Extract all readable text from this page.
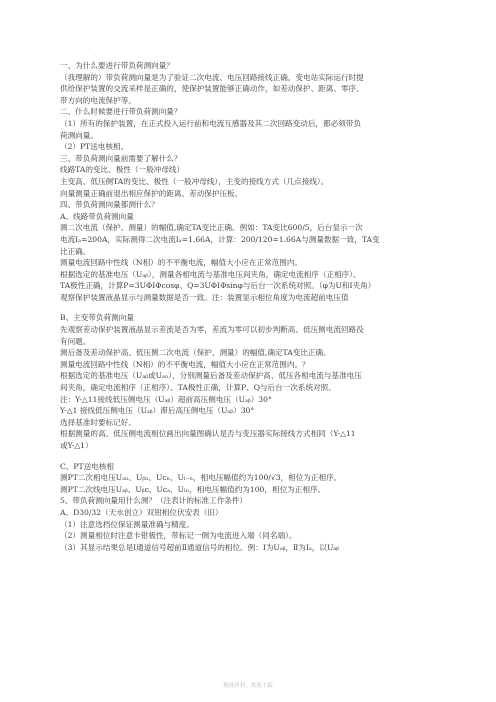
·
一、为什么要进行带负荷测向量？
（我理解的）带负荷测向量是为了验证二次电流、电压回路接线正确，变电站实际运行时提
供给保护装置的交流采样是正确的，使保护装置能够正确动作，如差动保护、距离、零序、
带方向的电流保护等。
二、什么时候要进行带负荷测向量？
（1）所有的保护装置，在正式投入运行前和电流互感器及其二次回路变动后，都必须带负
荷测向量。
（2）PT送电核相。
三、带负荷测向量前需要了解什么？
线路TA的变比、极性（一般冲母线）
主变高、低压侧TA的变比、极性（一般冲母线），主变的接线方式（几点接线）。
向量测量正确前退出相应保护的距离、差动保护压板。
四、带负荷测向量都测什么？
A、线路带负荷测向量
测二次电流（保护、测量）的幅值,确定TA变比正确。例如：TA变比600/5，后台显示一次
电流Iₐ=200A，实际测得二次电流Iₐ=1.66A，计算：200/120=1.66A与测量数据一致，TA变
比正确。
测量电流回路中性线（N相）的不平衡电流，幅值大小应在正常范围内。
根据选定的基准电压（Uₐᵦ），测量各相电流与基准电压间夹角，确定电流相序（正相序）、
TA极性正确，计算P=3UΦIΦcosφ、Q=3UΦIΦsinφ与后台一次系统对照。（φ为U和I夹角）
观察保护装置液晶显示与测量数据是否一致。注：装置显示相位角度为电流超前电压值
B、主变带负荷测向量
先观察差动保护装置液晶显示差流是否为零，差流为零可以初步判断高、低压侧电流回路没
有问题。
测后备及差动保护高、低压侧二次电流（保护、测量）的幅值,确定TA变比正确。
测量电流回路中性线（N相）的不平衡电流，幅值大小应在正常范围内。？
根据选定的基准电压（Uₐᵦ或Uₐₙ），分别测量后备及差动保护高、低压各相电流与基准电压
间夹角，确定电流相序（正相序）、TA极性正确，计算P、Q与后台一次系统对照。
注：Y-△11接线低压侧电压（Uₐᵦ）超前高压侧电压（Uₐᵦ）30°
Y-△1 接线低压侧电压（Uₐᵦ）滞后高压侧电压（Uₐᵦ）30°
选择基准时要标记好。
根据测量的高、低压侧电流相位画出向量图确认是否与变压器实际接线方式相同（Y-△11
或Y-△1）
C、PT送电核相
测PT二次相电压Uₐₙ、Uᵦₙ、Uᴄₙ、Uₗ₋ₙ，相电压幅值约为100/√3，相位为正相序。
测PT二次线电压Uₐᵦ、Uᵦᴄ、Uᴄₐ、Uₗₙ，相电压幅值约为100，相位为正相序。
5、带负荷测向量用什么测？（注表计的标准工作条件）
A、D30/32（天水创立）双钳相位伏安表（旧）
（1）注意选档位保证测量准确与精度。
（2）测量相位时注意卡钳极性，带标记一侧为电流进入端（同名端）。
（3）其显示结果总是Ⅰ通道信号超前Ⅱ通道信号的相位。例：Ⅰ为Uₐᵦ，Ⅱ为Iₐ，以Uₐᵦ
精选资料，欢迎下载
